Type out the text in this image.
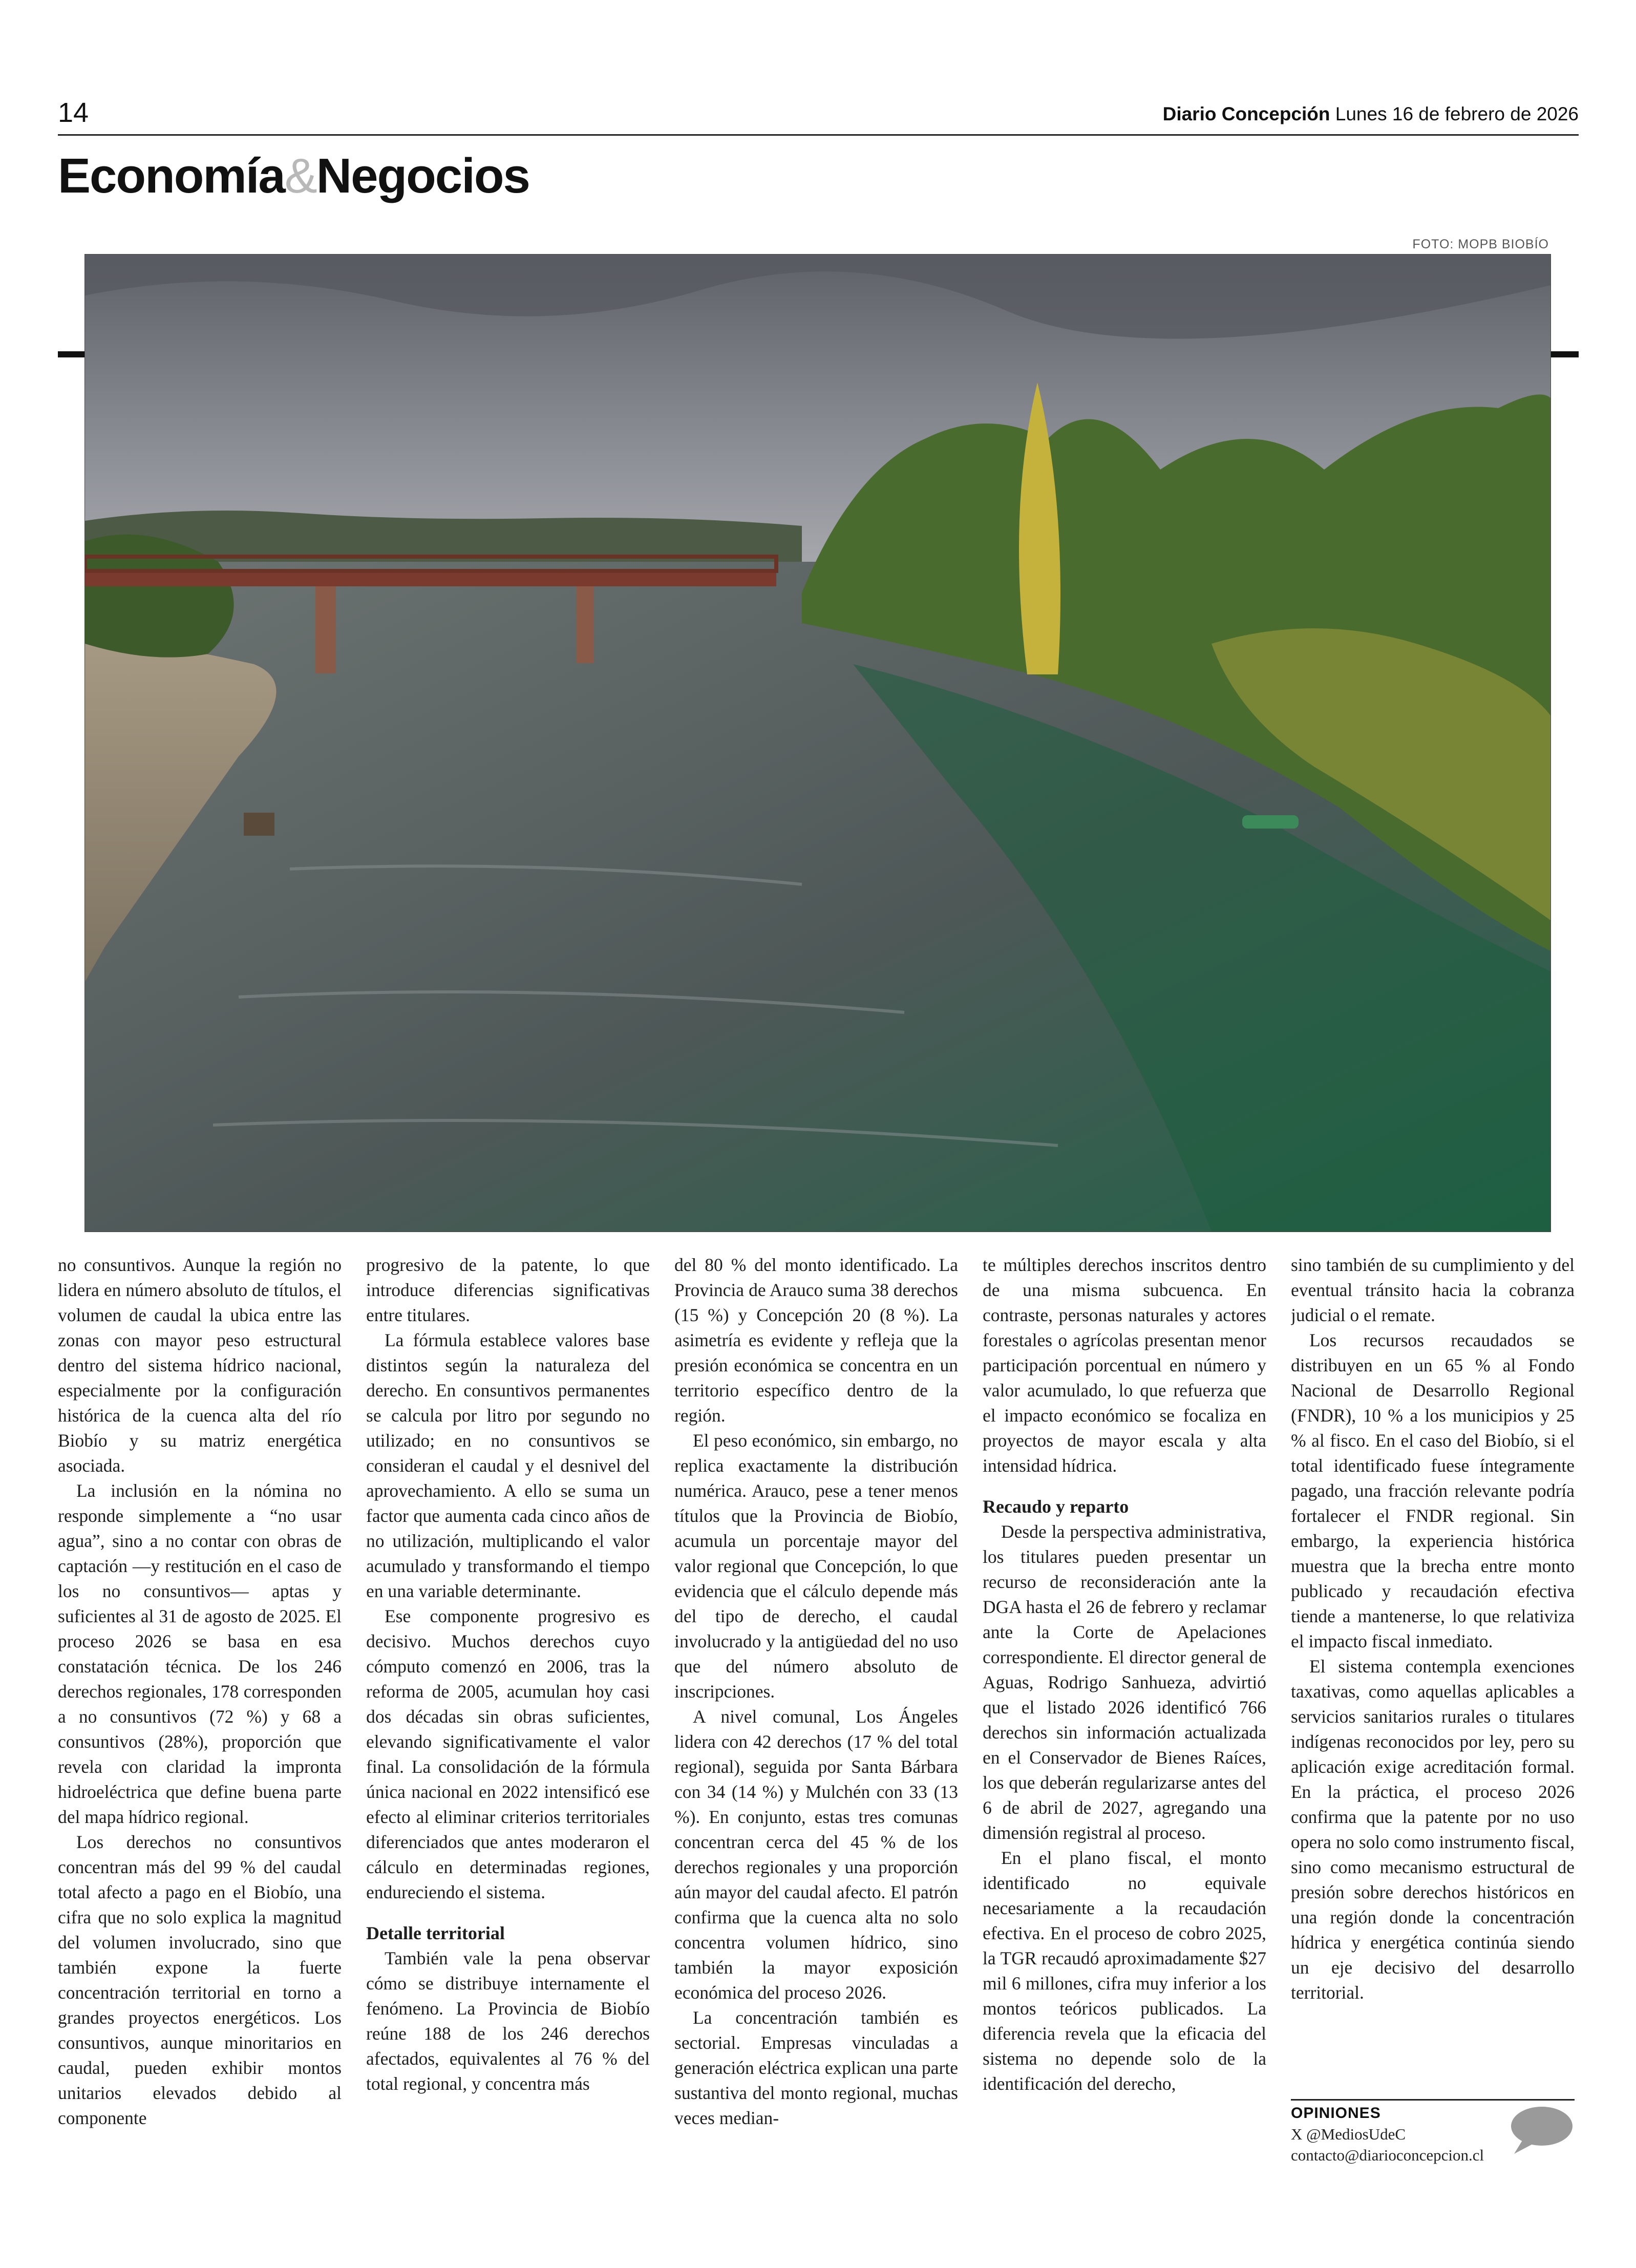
14	Diario Concepción Lunes 16 de febrero de 2026
Economía&Negocios
FOTO: MOPB BIOBÍO

no consuntivos. Aunque la región no lidera en número absoluto de títulos, el volumen de caudal la ubica entre las zonas con mayor peso estructural dentro del sistema hídrico nacional, especialmente por la configuración histórica de la cuenca alta del río Biobío y su matriz energética asociada.

La inclusión en la nómina no responde simplemente a “no usar agua”, sino a no contar con obras de captación —y restitución en el caso de los no consuntivos— aptas y suficientes al 31 de agosto de 2025. El proceso 2026 se basa en esa constatación técnica. De los 246 derechos regionales, 178 corresponden a no consuntivos (72 %) y 68 a consuntivos (28%), proporción que revela con claridad la impronta hidroeléctrica que define buena parte del mapa hídrico regional.

Los derechos no consuntivos concentran más del 99 % del caudal total afecto a pago en el Biobío, una cifra que no solo explica la magnitud del volumen involucrado, sino que también expone la fuerte concentración territorial en torno a grandes proyectos energéticos. Los consuntivos, aunque minoritarios en caudal, pueden exhibir montos unitarios elevados debido al componente

progresivo de la patente, lo que introduce diferencias significativas entre titulares.

La fórmula establece valores base distintos según la naturaleza del derecho. En consuntivos permanentes se calcula por litro por segundo no utilizado; en no consuntivos se consideran el caudal y el desnivel del aprovechamiento. A ello se suma un factor que aumenta cada cinco años de no utilización, multiplicando el valor acumulado y transformando el tiempo en una variable determinante.

Ese componente progresivo es decisivo. Muchos derechos cuyo cómputo comenzó en 2006, tras la reforma de 2005, acumulan hoy casi dos décadas sin obras suficientes, elevando significativamente el valor final. La consolidación de la fórmula única nacional en 2022 intensificó ese efecto al eliminar criterios territoriales diferenciados que antes moderaron el cálculo en determinadas regiones, endureciendo el sistema.

Detalle territorial

También vale la pena observar cómo se distribuye internamente el fenómeno. La Provincia de Biobío reúne 188 de los 246 derechos afectados, equivalentes al 76 % del total regional, y concentra más

del 80 % del monto identificado. La Provincia de Arauco suma 38 derechos (15 %) y Concepción 20 (8 %). La asimetría es evidente y refleja que la presión económica se concentra en un territorio específico dentro de la región.

El peso económico, sin embargo, no replica exactamente la distribución numérica. Arauco, pese a tener menos títulos que la Provincia de Biobío, acumula un porcentaje mayor del valor regional que Concepción, lo que evidencia que el cálculo depende más del tipo de derecho, el caudal involucrado y la antigüedad del no uso que del número absoluto de inscripciones.

A nivel comunal, Los Ángeles lidera con 42 derechos (17 % del total regional), seguida por Santa Bárbara con 34 (14 %) y Mulchén con 33 (13 %). En conjunto, estas tres comunas concentran cerca del 45 % de los derechos regionales y una proporción aún mayor del caudal afecto. El patrón confirma que la cuenca alta no solo concentra volumen hídrico, sino también la mayor exposición económica del proceso 2026.

La concentración también es sectorial. Empresas vinculadas a generación eléctrica explican una parte sustantiva del monto regional, muchas veces median-

te múltiples derechos inscritos dentro de una misma subcuenca. En contraste, personas naturales y actores forestales o agrícolas presentan menor participación porcentual en número y valor acumulado, lo que refuerza que el impacto económico se focaliza en proyectos de mayor escala y alta intensidad hídrica.

Recaudo y reparto

Desde la perspectiva administrativa, los titulares pueden presentar un recurso de reconsideración ante la DGA hasta el 26 de febrero y reclamar ante la Corte de Apelaciones correspondiente. El director general de Aguas, Rodrigo Sanhueza, advirtió que el listado 2026 identificó 766 derechos sin información actualizada en el Conservador de Bienes Raíces, los que deberán regularizarse antes del 6 de abril de 2027, agregando una dimensión registral al proceso.

En el plano fiscal, el monto identificado no equivale necesariamente a la recaudación efectiva. En el proceso de cobro 2025, la TGR recaudó aproximadamente $27 mil 6 millones, cifra muy inferior a los montos teóricos publicados. La diferencia revela que la eficacia del sistema no depende solo de la identificación del derecho,

sino también de su cumplimiento y del eventual tránsito hacia la cobranza judicial o el remate.

Los recursos recaudados se distribuyen en un 65 % al Fondo Nacional de Desarrollo Regional (FNDR), 10 % a los municipios y 25 % al fisco. En el caso del Biobío, si el total identificado fuese íntegramente pagado, una fracción relevante podría fortalecer el FNDR regional. Sin embargo, la experiencia histórica muestra que la brecha entre monto publicado y recaudación efectiva tiende a mantenerse, lo que relativiza el impacto fiscal inmediato.

El sistema contempla exenciones taxativas, como aquellas aplicables a servicios sanitarios rurales o titulares indígenas reconocidos por ley, pero su aplicación exige acreditación formal. En la práctica, el proceso 2026 confirma que la patente por no uso opera no solo como instrumento fiscal, sino como mecanismo estructural de presión sobre derechos históricos en una región donde la concentración hídrica y energética continúa siendo un eje decisivo del desarrollo territorial.

OPINIONES
X @MediosUdeC
contacto@diarioconcepcion.cl
